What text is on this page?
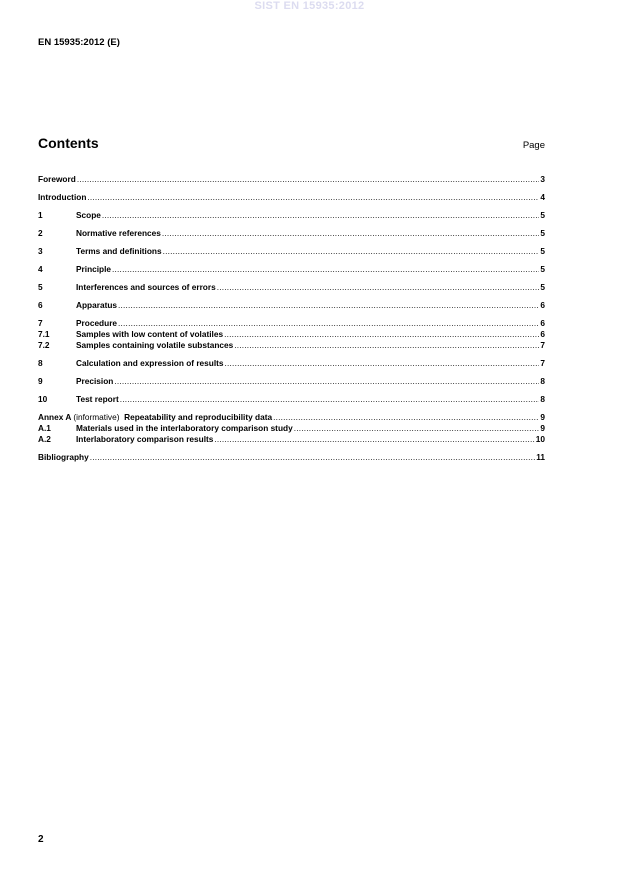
SIST EN 15935:2012
EN 15935:2012 (E)
Contents	Page
Foreword .....	3
Introduction .....	4
1	Scope .....	5
2	Normative references .....	5
3	Terms and definitions .....	5
4	Principle .....	5
5	Interferences and sources of errors .....	5
6	Apparatus .....	6
7	Procedure .....	6
7.1	Samples with low content of volatiles .....	6
7.2	Samples containing volatile substances .....	7
8	Calculation and expression of results .....	7
9	Precision .....	8
10	Test report .....	8
Annex A (informative) Repeatability and reproducibility data .....	9
A.1	Materials used in the interlaboratory comparison study .....	9
A.2	Interlaboratory comparison results .....	10
Bibliography .....	11
2
